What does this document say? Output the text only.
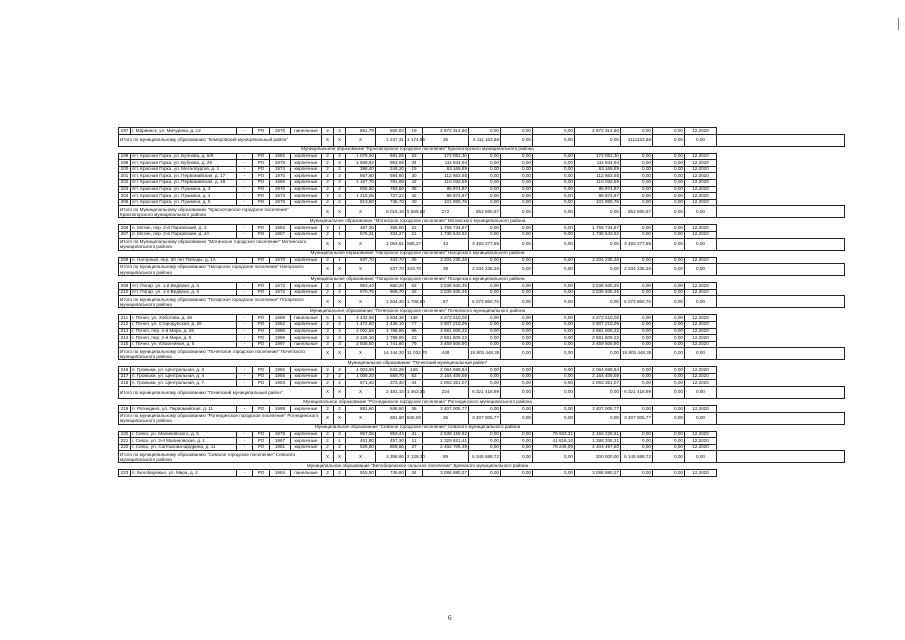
197	г. Мариинск, ул. Мичурина, д. 12	-	РО	1976	панельные	2	3	861,79	608,84	19	2 972 314,80	0,00	0,00	0,00	2 972 314,80	0,00	0,00	12.2020	
Итого по муниципальному образованию "Кемеровский муниципальный район"						Х	Х	Х	1 247,31	1 174,96	36	4 111 163,68	0,00	0,00	0,00	4111163,68	0,00	0,00	
Муниципальное образование "Красногорское городское поселение" Красногорского муниципального района																			
198	пгт. Красная Горка, ул. Бубнова, д. 5/8	-	РО	1955	кирпичные	2	2	1 075,00	591,55	23	172 081,30	0,00	0,00	0,00	172 081,30	0,00	0,00	12.2020	
199	пгт. Красная Горка, ул. Бубнова, д. 26	-	РО	1975	кирпичные	2	3	1 569,92	963,55	34	111 644,94	0,00	0,00	0,00	111 644,94	0,00	0,00	12.2020	
200	пгт. Красная Горка, ул. Металлургов, д. 1	-	РО	1974	кирпичные	2	2	398,40	346,20	19	63 169,89	0,00	0,00	0,00	63 169,89	0,00	0,00	12.2020	
201	пгт. Красная Горка, ул. Первомайская, д. 17	-	РО	1970	кирпичные	2	3	867,80	594,60	30	112 862,65	0,00	0,00	0,00	112 862,65	0,00	0,00	12.2020	
202	пгт. Красная Горка, ул. Первомайская, д. 18	-	РО	1980	кирпичные	2	3	1 167,70	781,89	42	110 032,59	0,00	0,00	0,00	110 032,59	0,00	0,00	12.2020	
203	пгт. Красная Горка, ул. Пушкина, д. 3	-	РО	1970	кирпичные	2	2	856,60	763,60	45	95 874,87	0,00	0,00	0,00	95 874,87	0,00	0,00	12.2020	
204	пгт. Красная Горка, ул. Пушкина, д. 4	-	РО	1973	кирпичные	2	2	1 216,06	727,22	42	86 874,87	0,00	0,00	0,00	86 874,87	0,00	0,00	12.2020	
205	пгт. Красная Горка, ул. Пушкина, д. 5	-	РО	1976	кирпичные	2	2	813,50	745,70	40	101 965,76	0,00	0,00	0,00	101 965,76	0,00	0,00	12.2020	
Итого по Муниципальному образованию "Красногорское городское поселение" Красногорского муниципального района						Х	Х	Х	8 015,18	5 569,53	272	852 660,87	0,00	0,00	0,00	852 660,87	0,00	0,00	
Муниципальное образование "Мотинское городское поселение" Мотинского муниципального района																			
206	п. Мотин, пер. 2-й Парковский, д. 2	-	РО	1983	кирпичные	2	1	487,30	285,00	22	1 756 734,97	0,00	0,00	0,00	1 756 734,97	0,00	0,00	12.2020	
207	п. Мотин, пер. 2-й Парковский, д. 2А	-	РО	1987	кирпичные	2	1	576,31	334,27	21	1 736 542,62	0,00	0,00	0,00	1 736 542,62	0,00	0,00	12.2020	
Итого по Муниципальному образованию "Мотинское городское поселение" Мотинского муниципального района						Х	Х	Х	1 063,61	585,27	43	3 493 277,59	0,00	0,00	0,00	3 493 277,59	0,00	0,00	
Муниципальное образование "Нагорское городское поселение" Нагорского муниципального района																			
208	п. Нагорный, пер. 30 лет Победы, д. 1А	-	РО	1970	кирпичные	2	1	637,70	343,70	39	2 334 236,36	0,00	0,00	0,00	2 334 236,36	0,00	0,00	12.2020	
Итого по муниципальному образованию "Нагорское городское поселение" Нагорского муниципального района						Х	Х	Х	637,70	343,70	39	2 334 236,36	0,00	0,00	0,00	2 334 236,36	0,00	0,00	
Муниципальное образование "Погарское городское поселение" Погарского муниципального района																			
209	пгт. Погар, ул. 1-й Ведерки, д. 3	-	РО	1972	кирпичные	2	3	963,40	880,20	62	3 036 930,35	0,00	0,00	0,00	3 036 930,35	0,00	0,00	12.2020	
210	пгт. Погар, ул. 1-я Ведерка, д. 6	-	РО	1972	кирпичные	2	2	970,75	908,70	25	3 036 930,35	0,00	0,00	0,00	3 036 930,35	0,00	0,00	12.2020	
Итого по муниципальному образованию "Погарское городское поселение" Погарского муниципального района						Х	Х	Х	1 934,30	1 788,90	87	6 073 860,70	0,00	0,00	0,00	6 073 860,70	0,00	0,00	
Муниципальное образование "Почепское городское поселение" Почепского муниципального района																			
211	г. Почеп, ул. Хоботова, д. 48	-	РО	1988	панельные	5	5	4 432,56	3 934,36	135	4 273 510,08	0,00	0,00	0,00	4 273 510,08	0,00	0,00	12.2020	
212	г. Почеп, ул. Стародубская, д. 26	-	РО	1962	кирпичные	2	2	1 472,60	1 438,10	77	3 907 210,06	0,00	0,00	0,00	3 907 210,06	0,00	0,00	12.2020	
213	г. Почеп, пер. 2-й Мира, д. 28	-	РО	1980	кирпичные	3	3	2 002,56	1 788,86	86	3 581 609,22	0,00	0,00	0,00	3 581 609,22	0,00	0,00	12.2020	
214	г. Почеп, пер. 2-й Мира, д. 8	-	РО	1986	кирпичные	3	3	2 126,10	1 788,80	23	3 581 609,22	0,00	0,00	0,00	3 581 609,22	0,00	0,00	12.2020	
215	г. Почеп, ул. Юбилейная, д. 5	-	РО	1997	панельные	3	3	2 508,50	1 741,60	79	3 459 508,90	0,00	0,00	0,00	3 459 508,90	0,00	0,00	12.2020	
Итого по муниципальному образованию "Почепское городское поселение" Почепского муниципального района						Х	Х	Х	14 144,30	11 032,70	448	18 803 448,36	0,00	0,00	0,00	18 803 448,36	0,00	0,00	
Муниципальное образование "Почепский муниципальный район"																			
216	п. Громыки, ул. Центральная, д. 3	-	РО	1962	кирпичные	2	2	1 003,55	543,26	126	2 064 658,84	0,00	0,00	0,00	2 064 658,84	0,00	0,00	12.2020	
217	п. Громыки, ул. Центральная, д. 4	-	РО	1966	кирпичные	2	2	1 006,20	556,70	52	2 164 409,08	0,00	0,00	0,00	2 164 409,08	0,00	0,00	12.2020	
218	п. Громыки, ул. Центральная, д. 7	-	РО	1953	кирпичные	2	2	671,40	373,40	44	2 092 351,07	0,00	0,00	0,00	2 092 351,07	0,00	0,00	12.2020	
Итого по муниципальному образованию "Почепский муниципальный район"						Х	Х	Х	2 481,15	1 463,36	224	6 321 418,99	0,00	0,00	0,00	6 321 418,99	0,00	0,00	
Муниципальное образование "Рогнединское городское поселение" Рогнединского муниципального района																			
219	п. Рогнедино, ул. Первомайская, д. 11	-	РО	1989	кирпичные	2	2	881,60	846,50	36	3 407 005,77	0,00	0,00	0,00	3 407 005,77	0,00	0,00	12.2020	
Итого по муниципальному образованию "Рогнединское городское поселение" Рогнединского муниципального района						Х	Х	Х	881,60	846,50	36	3 407 005,77	0,00	0,00	0,00	3 407 005,77	0,00	0,00	
Муниципальное образование "Севское городское поселение" Севского муниципального района																			
220	г. Севск, ул. Малиновского, д. 5	-	РО	1978	кирпичные	2	3	967,06	853,44	41	2 536 159,92	0,00	0,00	79 933,31	2 456 226,61	0,00	0,00	12.2020	
221	г. Севск, ул. 3-я Малиновская, д. 1	-	РО	1967	кирпичные	2	1	461,80	457,30	11	1 329 621,41	0,00	0,00	41 816,10	1 288 336,31	0,00	0,00	12.2020	
222	г. Севск, ул. Салтыкова-Щедрина, д. 11	-	РО	1981	кирпичные	2	2	929,80	808,56	37	2 482 706,39	0,00	0,00	78 249,99	2 404 457,80	0,00	0,00	12.2020	
Итого по муниципальному образованию "Севское городское поселение" Севского муниципального района						Х	Х	Х	2 358,66	2 129,30	89	6 345 688,72	0,00	0,00	200 000,00	6 145 688,72	0,00	0,00	
Муниципальное образование "Белобережское сельское поселение" Брянского муниципального района																			
223	п. Белобережье, ул. Мира, д. 4	-	РО	1964	панельные	2	2	915,90	749,80	34	3 086 880,37	0,00	0,00	0,00	3 086 880,37	0,00	0,00	12.2020	
6
